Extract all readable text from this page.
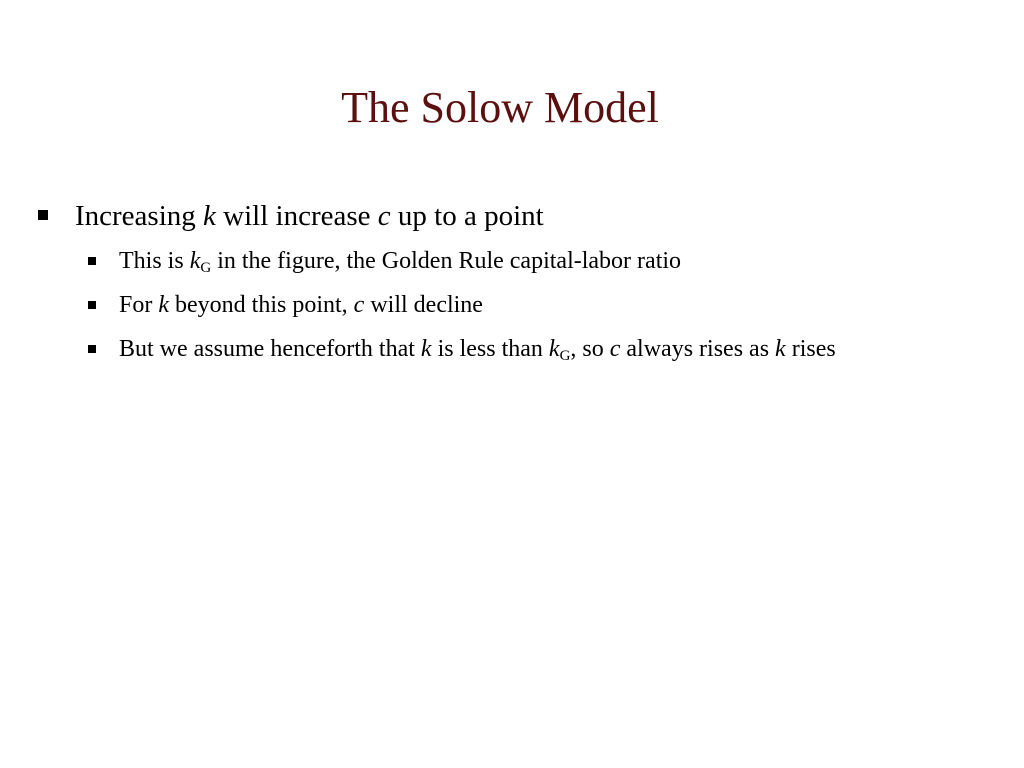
The Solow Model
Increasing k will increase c up to a point
This is $k_G$ in the figure, the Golden Rule capital-labor ratio
For k beyond this point, c will decline
But we assume henceforth that k is less than $k_G$, so c always rises as k rises
